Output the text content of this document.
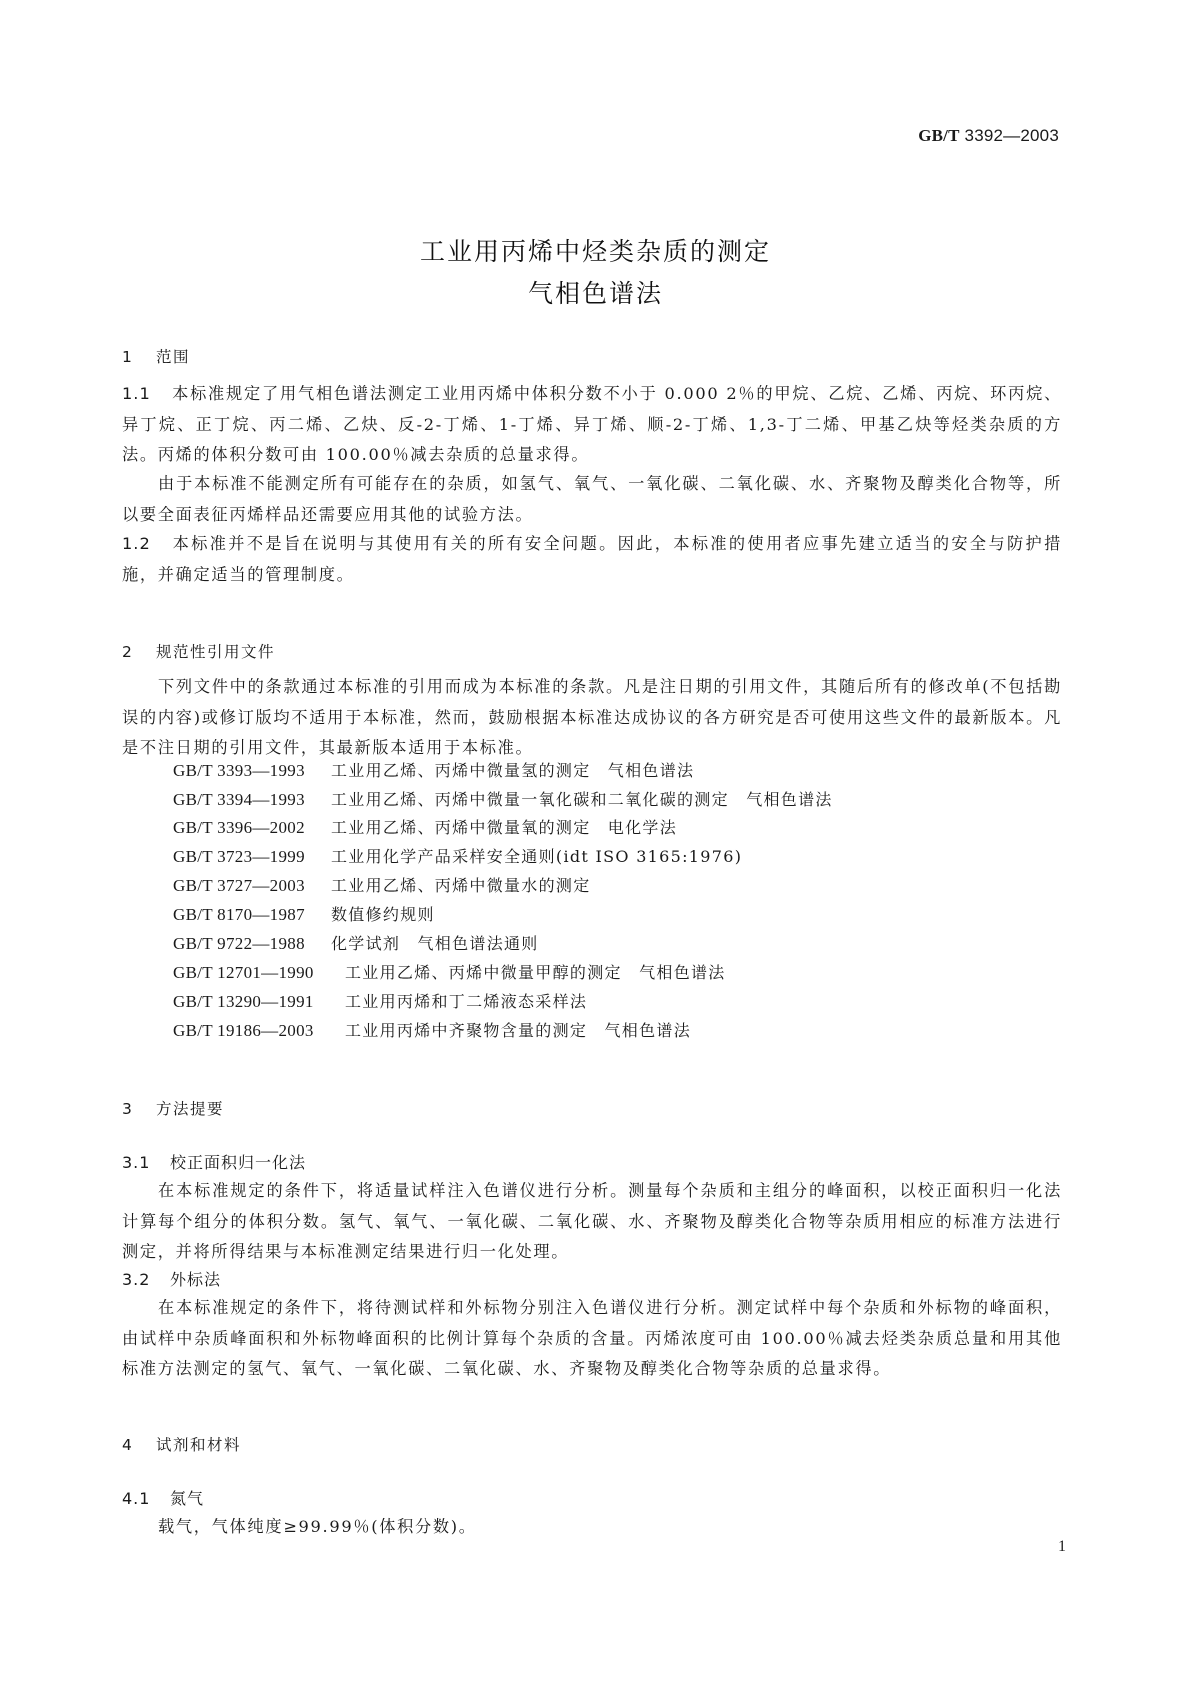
GB/T 3392—2003
工业用丙烯中烃类杂质的测定
气相色谱法
1 范围
1.1 本标准规定了用气相色谱法测定工业用丙烯中体积分数不小于 0.000 2％的甲烷、乙烷、乙烯、丙烷、环丙烷、异丁烷、正丁烷、丙二烯、乙炔、反-2-丁烯、1-丁烯、异丁烯、顺-2-丁烯、1,3-丁二烯、甲基乙炔等烃类杂质的方法。丙烯的体积分数可由 100.00％减去杂质的总量求得。
由于本标准不能测定所有可能存在的杂质，如氢气、氧气、一氧化碳、二氧化碳、水、齐聚物及醇类化合物等，所以要全面表征丙烯样品还需要应用其他的试验方法。
1.2 本标准并不是旨在说明与其使用有关的所有安全问题。因此，本标准的使用者应事先建立适当的安全与防护措施，并确定适当的管理制度。
2 规范性引用文件
下列文件中的条款通过本标准的引用而成为本标准的条款。凡是注日期的引用文件，其随后所有的修改单(不包括勘误的内容)或修订版均不适用于本标准，然而，鼓励根据本标准达成协议的各方研究是否可使用这些文件的最新版本。凡是不注日期的引用文件，其最新版本适用于本标准。
GB/T 3393—1993 工业用乙烯、丙烯中微量氢的测定　气相色谱法
GB/T 3394—1993 工业用乙烯、丙烯中微量一氧化碳和二氧化碳的测定　气相色谱法
GB/T 3396—2002 工业用乙烯、丙烯中微量氧的测定　电化学法
GB/T 3723—1999 工业用化学产品采样安全通则(idt ISO 3165:1976)
GB/T 3727—2003 工业用乙烯、丙烯中微量水的测定
GB/T 8170—1987 数值修约规则
GB/T 9722—1988 化学试剂　气相色谱法通则
GB/T 12701—1990 工业用乙烯、丙烯中微量甲醇的测定　气相色谱法
GB/T 13290—1991 工业用丙烯和丁二烯液态采样法
GB/T 19186—2003 工业用丙烯中齐聚物含量的测定　气相色谱法
3 方法提要
3.1 校正面积归一化法
在本标准规定的条件下，将适量试样注入色谱仪进行分析。测量每个杂质和主组分的峰面积，以校正面积归一化法计算每个组分的体积分数。氢气、氧气、一氧化碳、二氧化碳、水、齐聚物及醇类化合物等杂质用相应的标准方法进行测定，并将所得结果与本标准测定结果进行归一化处理。
3.2 外标法
在本标准规定的条件下，将待测试样和外标物分别注入色谱仪进行分析。测定试样中每个杂质和外标物的峰面积，由试样中杂质峰面积和外标物峰面积的比例计算每个杂质的含量。丙烯浓度可由 100.00％减去烃类杂质总量和用其他标准方法测定的氢气、氧气、一氧化碳、二氧化碳、水、齐聚物及醇类化合物等杂质的总量求得。
4 试剂和材料
4.1 氮气
载气，气体纯度≥99.99％(体积分数)。
1
